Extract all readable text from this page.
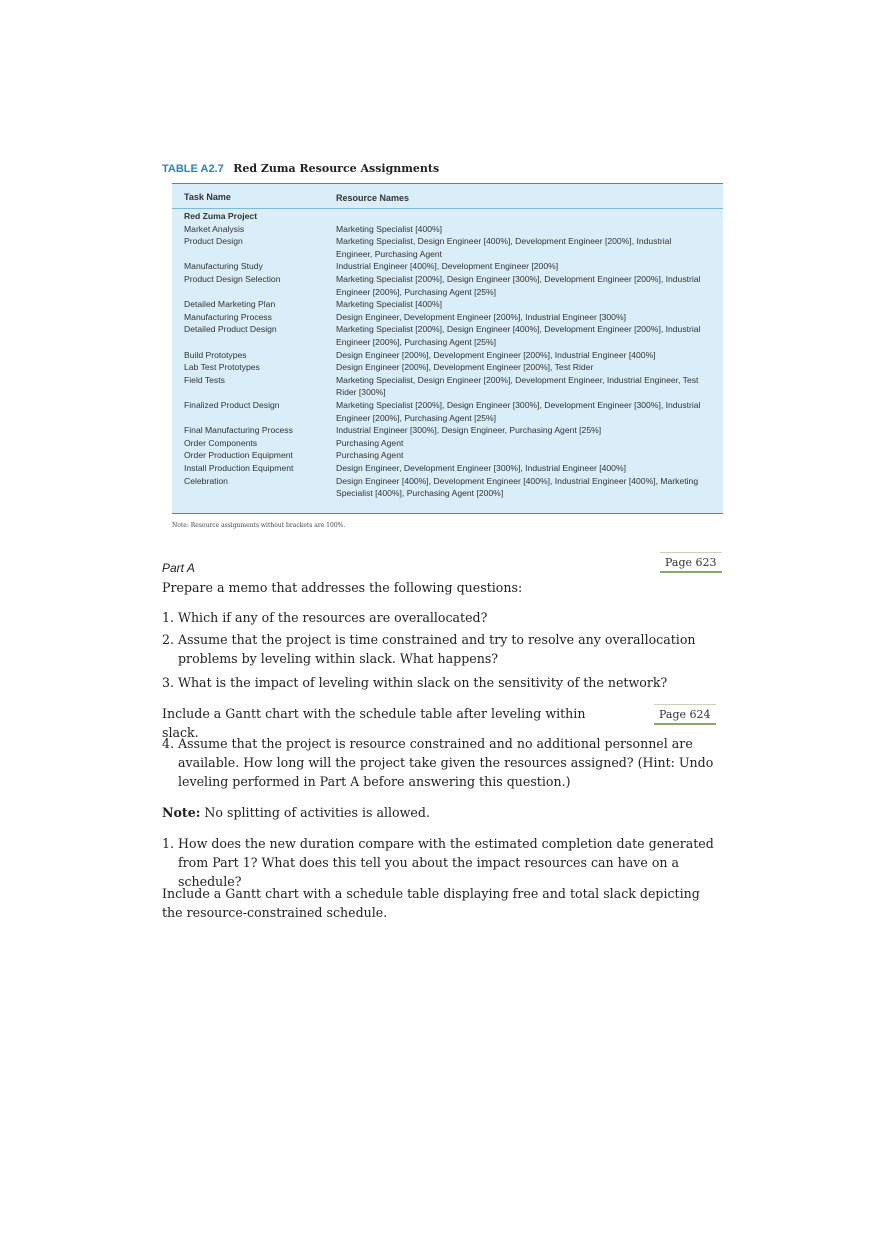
TABLE A2.7 Red Zuma Resource Assignments
Task Name	Resource Names
Red Zuma Project
Market Analysis	Marketing Specialist [400%]
Product Design	Marketing Specialist, Design Engineer [400%], Development Engineer [200%], Industrial
Engineer, Purchasing Agent
Manufacturing Study	Industrial Engineer [400%], Development Engineer [200%]
Product Design Selection	Marketing Specialist [200%], Design Engineer [300%], Development Engineer [200%], Industrial
Engineer [200%], Purchasing Agent [25%]
Detailed Marketing Plan	Marketing Specialist [400%]
Manufacturing Process	Design Engineer, Development Engineer [200%], Industrial Engineer [300%]
Detailed Product Design	Marketing Specialist [200%], Design Engineer [400%], Development Engineer [200%], Industrial
Engineer [200%], Purchasing Agent [25%]
Build Prototypes	Design Engineer [200%], Development Engineer [200%], Industrial Engineer [400%]
Lab Test Prototypes	Design Engineer [200%], Development Engineer [200%], Test Rider
Field Tests	Marketing Specialist, Design Engineer [200%], Development Engineer, Industrial Engineer, Test
Rider [300%]
Finalized Product Design	Marketing Specialist [200%], Design Engineer [300%], Development Engineer [300%], Industrial
Engineer [200%], Purchasing Agent [25%]
Final Manufacturing Process	Industrial Engineer [300%], Design Engineer, Purchasing Agent [25%]
Order Components	Purchasing Agent
Order Production Equipment	Purchasing Agent
Install Production Equipment	Design Engineer, Development Engineer [300%], Industrial Engineer [400%]
Celebration	Design Engineer [400%], Development Engineer [400%], Industrial Engineer [400%], Marketing
Specialist [400%], Purchasing Agent [200%]
Note: Resource assignments without brackets are 100%.
Part A	Page 623
Prepare a memo that addresses the following questions:
1. Which if any of the resources are overallocated?
2. Assume that the project is time constrained and try to resolve any overallocation problems by leveling within slack. What happens?
3. What is the impact of leveling within slack on the sensitivity of the network?
Include a Gantt chart with the schedule table after leveling within slack.
Page 624
4. Assume that the project is resource constrained and no additional personnel are available. How long will the project take given the resources assigned? (Hint: Undo leveling performed in Part A before answering this question.)
Note: No splitting of activities is allowed.
1. How does the new duration compare with the estimated completion date generated from Part 1? What does this tell you about the impact resources can have on a schedule?
Include a Gantt chart with a schedule table displaying free and total slack depicting the resource-constrained schedule.
